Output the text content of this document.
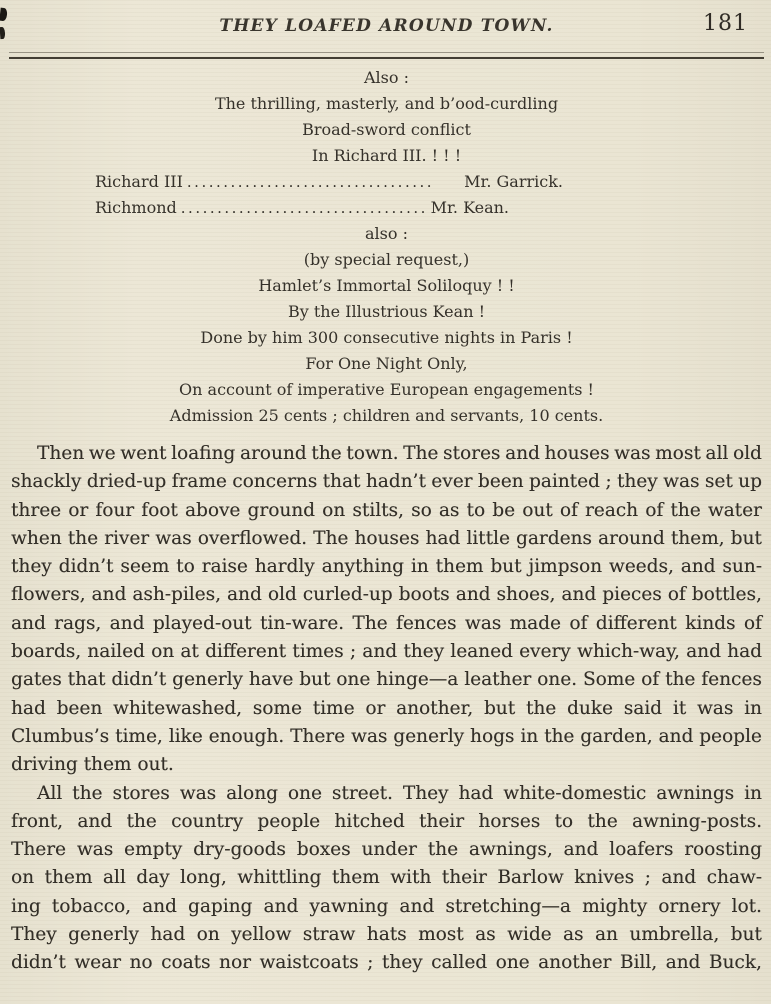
THEY LOAFED AROUND TOWN.	181
Also :
The thrilling, masterly, and b’ood-curdling
Broad-sword conflict
In Richard III. ! ! !
Richard III ..................................	Mr. Garrick.
Richmond .................................. Mr. Kean.
also :
(by special request,)
Hamlet’s Immortal Soliloquy ! !
By the Illustrious Kean !
Done by him 300 consecutive nights in Paris !
For One Night Only,
On account of imperative European engagements !
Admission 25 cents ; children and servants, 10 cents.
Then we went loafing around the town. The stores and houses was most all old
shackly dried-up frame concerns that hadn’t ever been painted ; they was set up
three or four foot above ground on stilts, so as to be out of reach of the water
when the river was overflowed. The houses had little gardens around them, but
they didn’t seem to raise hardly anything in them but jimpson weeds, and sun-
flowers, and ash-piles, and old curled-up boots and shoes, and pieces of bottles,
and rags, and played-out tin-ware. The fences was made of different kinds of
boards, nailed on at different times ; and they leaned every which-way, and had
gates that didn’t generly have but one hinge—a leather one. Some of the fences
had been whitewashed, some time or another, but the duke said it was in
Clumbus’s time, like enough. There was generly hogs in the garden, and people
driving them out.
All the stores was along one street. They had white-domestic awnings in
front, and the country people hitched their horses to the awning-posts.
There was empty dry-goods boxes under the awnings, and loafers roosting
on them all day long, whittling them with their Barlow knives ; and chaw-
ing tobacco, and gaping and yawning and stretching—a mighty ornery lot.
They generly had on yellow straw hats most as wide as an umbrella, but
didn’t wear no coats nor waistcoats ; they called one another Bill, and Buck,
